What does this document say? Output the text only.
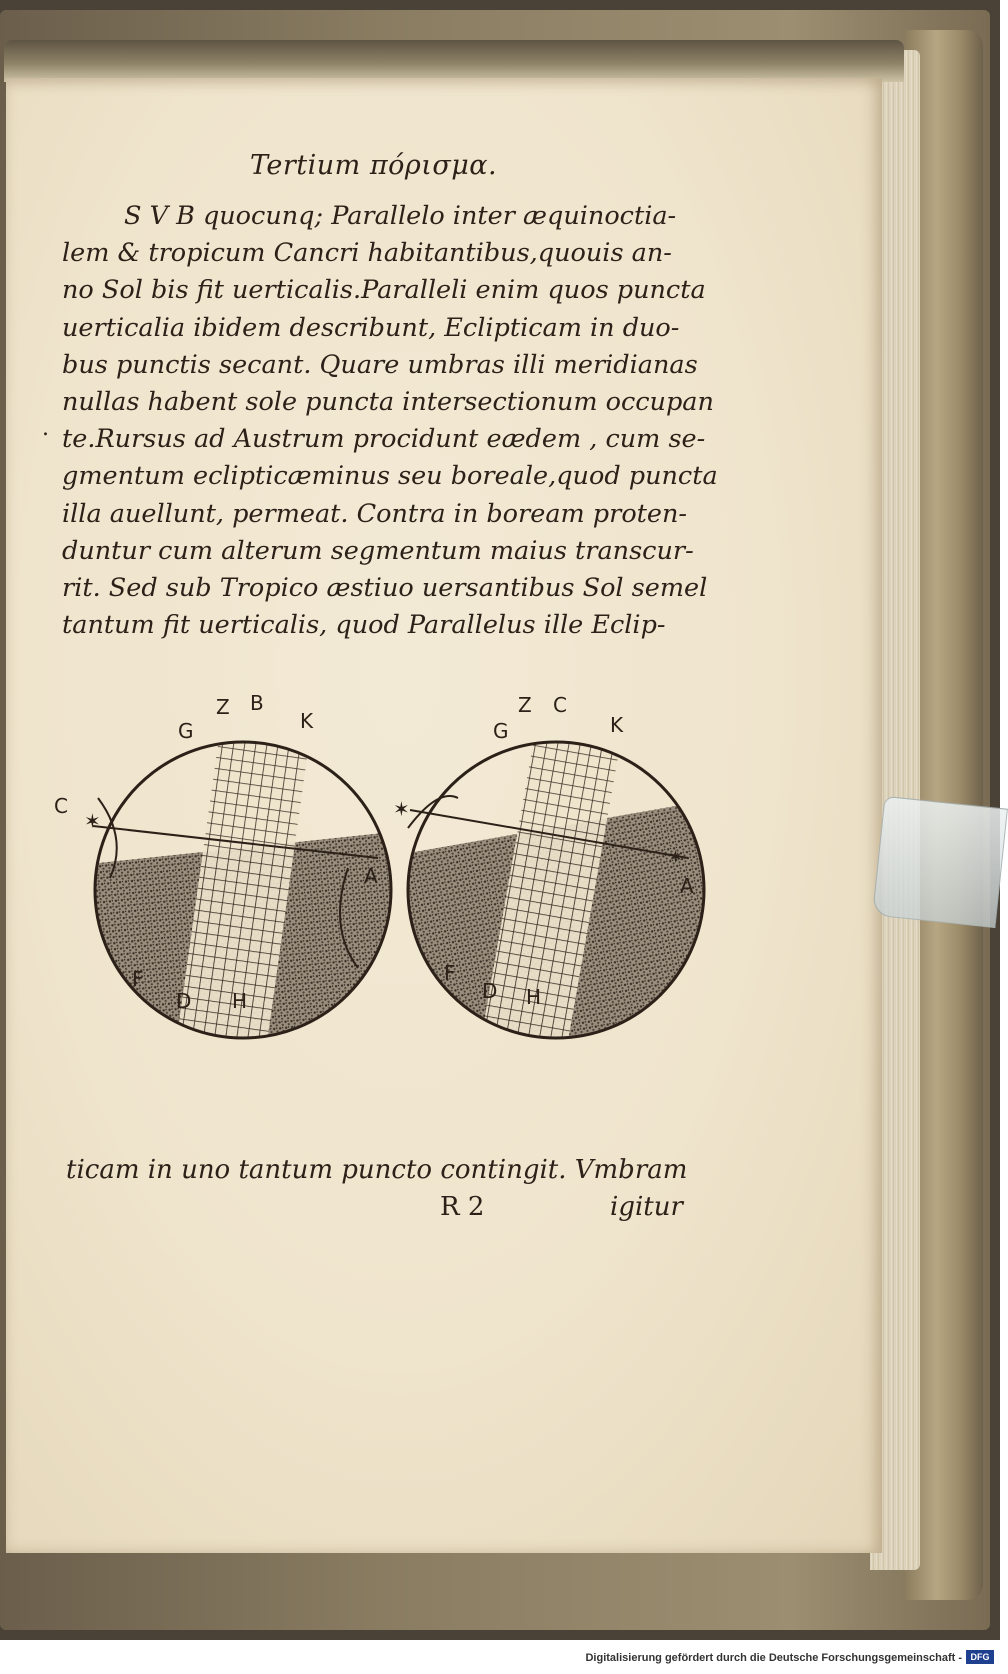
Tertium πόρισμα.
.
S V B quocunq; Parallelo inter æquinoctia-
lem & tropicum Cancri habitantibus,quouis an-
no Sol bis fit uerticalis.Paralleli enim quos puncta
uerticalia ibidem describunt, Eclipticam in duo-
bus punctis secant. Quare umbras illi meridianas
nullas habent sole puncta intersectionum occupan
te.Rursus ad Austrum procidunt eædem , cum se-
gmentum eclipticæminus seu boreale,quod puncta
illa auellunt, permeat. Contra in boream proten-
duntur cum alterum segmentum maius transcur-
rit. Sed sub Tropico æstiuo uersantibus Sol semel
tantum fit uerticalis, quod Parallelus ille Eclip-
✶
Z B
G	K
C
A
F
D H
✶
✶
Z C
G	K
A
F
D H
ticam in uno tantum puncto contingit. Vmbram
R 2	igitur
Digitalisierung gefördert durch die Deutsche Forschungsgemeinschaft - DFG
